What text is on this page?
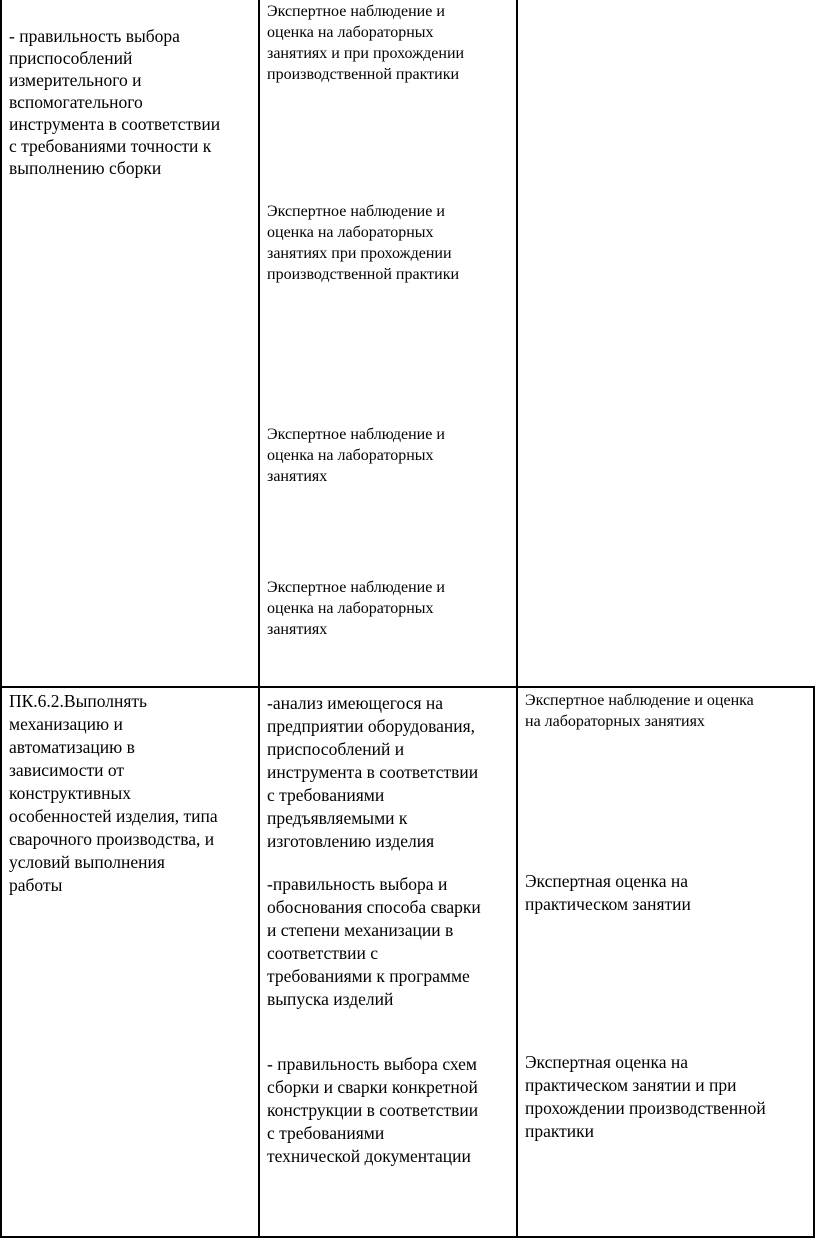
- правильность выбора
приспособлений
измерительного и
вспомогательного
инструмента в соответствии
с требованиями точности к
выполнению сборки
Экспертное наблюдение и
оценка на лабораторных
занятиях и при прохождении
производственной практики
Экспертное наблюдение и
оценка на лабораторных
занятиях при прохождении
производственной практики
Экспертное наблюдение и
оценка на лабораторных
занятиях
Экспертное наблюдение и
оценка на лабораторных
занятиях
ПК.6.2.Выполнять
механизацию и
автоматизацию в
зависимости от
конструктивных
особенностей изделия, типа
сварочного производства, и
условий выполнения
работы
-анализ имеющегося на
предприятии оборудования,
приспособлений и
инструмента в соответствии
с требованиями
предъявляемыми к
изготовлению изделия
-правильность выбора и
обоснования способа сварки
и степени механизации в
соответствии с
требованиями к программе
выпуска изделий
- правильность выбора схем
сборки и сварки конкретной
конструкции в соответствии
с требованиями
технической документации
Экспертное наблюдение и оценка
на лабораторных занятиях
Экспертная оценка на
практическом занятии
Экспертная оценка на
практическом занятии и при
прохождении производственной
практики
